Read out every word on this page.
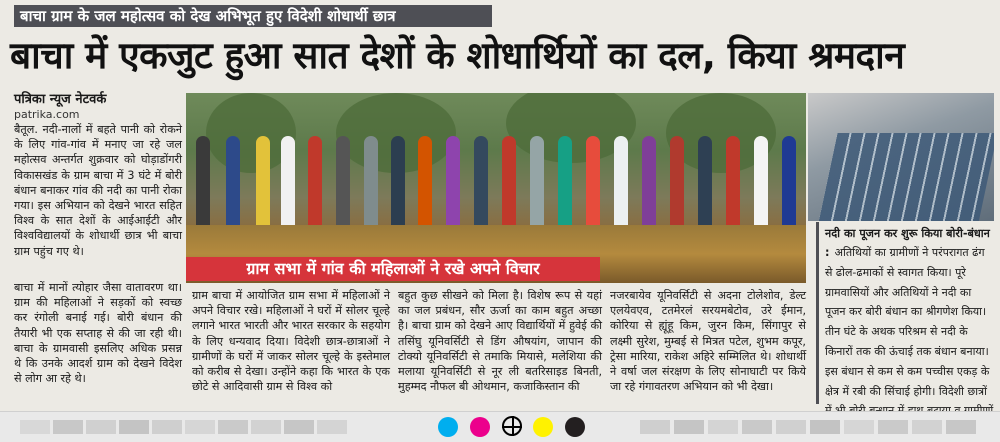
बाचा ग्राम के जल महोत्सव को देख अभिभूत हुए विदेशी शोधार्थी छात्र
बाचा में एकजुट हुआ सात देशों के शोधार्थियों का दल, किया श्रमदान
पत्रिका न्यूज नेटवर्क
patrika.com

बैतूल. नदी-नालों में बहते पानी को रोकने के लिए गांव-गांव में मनाए जा रहे जल महोत्सव अन्तर्गत शुक्रवार को घोड़ाडोंगरी विकासखंड के ग्राम बाचा में 3 घंटे में बोरी बंधान बनाकर गांव की नदी का पानी रोका गया। इस अभियान को देखने भारत सहित विश्व के सात देशों के आईआईटी और विश्वविद्यालयों के शोधार्थी छात्र भी बाचा ग्राम पहुंच गए थे।

बाचा में मानों त्योहार जैसा वातावरण था। ग्राम की महिलाओं ने सड़कों को स्वच्छ कर रंगोली बनाई गई। बोरी बंधान की तैयारी भी एक सप्ताह से की जा रही थी। बाचा के ग्रामवासी इसलिए अधिक प्रसन्न थे कि उनके आदर्श ग्राम को देखने विदेश से लोग आ रहे थे।

ग्राम सभा में गांव की महिलाओं ने रखे अपने विचार

ग्राम बाचा में आयोजित ग्राम सभा में महिलाओं ने अपने विचार रखे। महिलाओं ने घरों में सोलर चूल्हे लगाने भारत भारती और भारत सरकार के सहयोग के लिए धन्यवाद दिया। विदेशी छात्र-छात्राओं ने ग्रामीणों के घरों में जाकर सोलर चूल्हे के इस्तेमाल को करीब से देखा। उन्होंने कहा कि भारत के एक छोटे से आदिवासी ग्राम से विश्व को

बहुत कुछ सीखने को मिला है। विशेष रूप से यहां का जल प्रबंधन, सौर ऊर्जा का काम बहुत अच्छा है। बाचा ग्राम को देखने आए विद्यार्थियों में हुवेई की तसिंघु यूनिवर्सिटी से डिंग औषयांग, जापान की टोक्यो यूनिवर्सिटी से तमाकि मियासे, मलेशिया की मलाया यूनिवर्सिटी से नूर ली बतरिसाइड बिनती, मुहम्मद नौफल बी ओथमान, कजाकिस्तान की

नजरबायेव यूनिवर्सिटी से अदना टोलेशोव, डेल्ट एलयेवएव, टतमेरलं सरयमबेटोव, उरे ईमान, कोरिया से ह्यूंहू किम, जुरन किम, सिंगापुर से लक्ष्मी सुरेश, मुम्बई से मित्रत पटेल, शुभम कपूर, ट्रेसा मारिया, राकेश अहिरे सम्मिलित थे। शोधार्थी ने वर्षा जल संरक्षण के लिए सोनाघाटी पर किये जा रहे गंगावतरण अभियान को भी देखा।

नदी का पूजन कर शुरू किया बोरी-बंधान : अतिथियों का ग्रामीणों ने परंपरागत ढंग से ढोल-ढमाकों से स्वागत किया। पूरे ग्रामवासियों और अतिथियों ने नदी का पूजन कर बोरी बंधान का श्रीगणेश किया। तीन घंटे के अथक परिश्रम से नदी के किनारों तक की ऊंचाई तक बंधान बनाया। इस बंधान से कम से कम पच्चीस एकड़ के क्षेत्र में रबी की सिंचाई होगी। विदेशी छात्रों
